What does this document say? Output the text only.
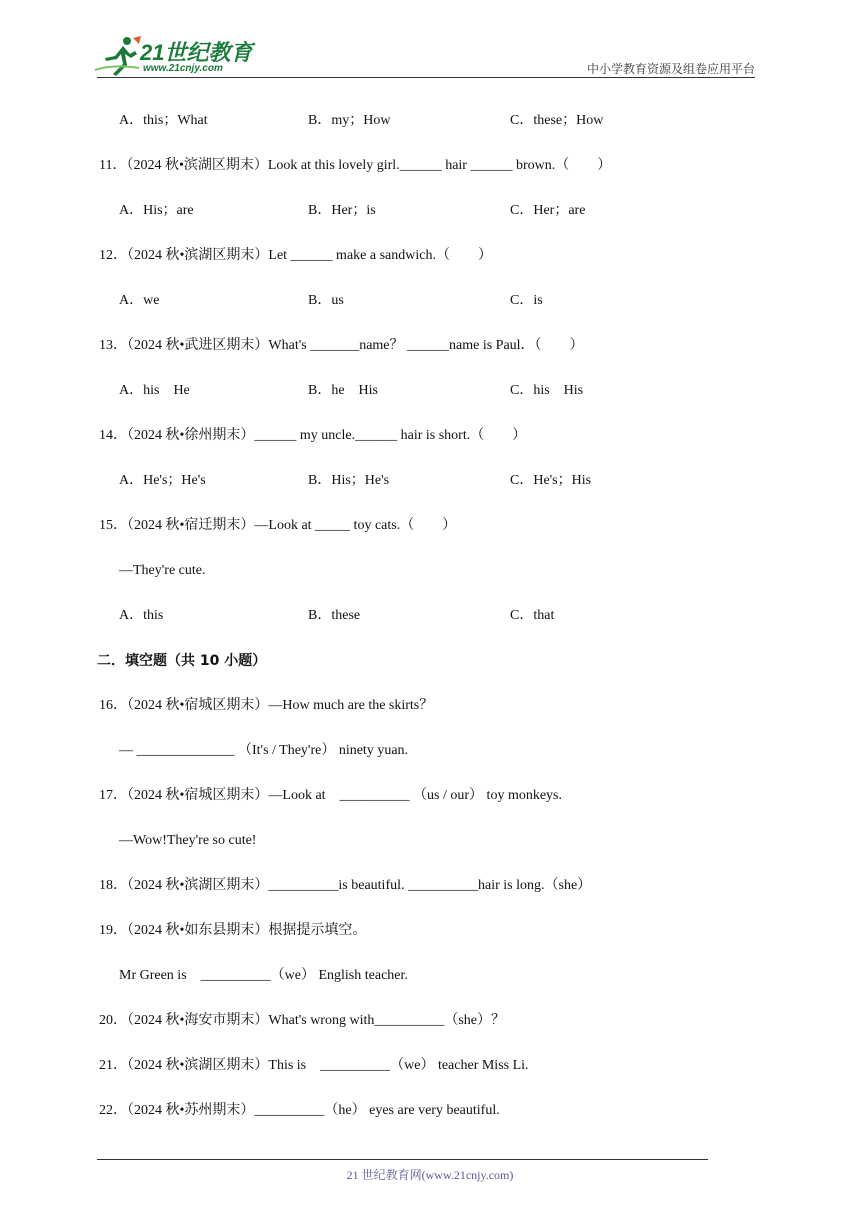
21世纪教育
www.21cnjy.com	中小学教育资源及组卷应用平台
A．this；What	B．my；How	C．these；How
11．（2024 秋•滨湖区期末）Look at this lovely girl.______ hair ______ brown.（　　）
A．His；are	B．Her；is	C．Her；are
12．（2024 秋•滨湖区期末）Let ______ make a sandwich.（　　）
A．we	B．us	C．is
13．（2024 秋•武进区期末）What's _______name？ ______name is Paul．（　　）
A．his　He	B．he　His	C．his　His
14．（2024 秋•徐州期末）______ my uncle.______ hair is short.（　　）
A．He's；He's	B．His；He's	C．He's；His
15．（2024 秋•宿迁期末）—Look at _____ toy cats.（　　）
—They're cute.
A．this	B．these	C．that
二．填空题（共 10 小题）
16．（2024 秋•宿城区期末）—How much are the skirts？
— ______________ （It's / They're） ninety yuan.
17．（2024 秋•宿城区期末）—Look at　__________ （us / our） toy monkeys.
—Wow!They're so cute!
18．（2024 秋•滨湖区期末）__________is beautiful. __________hair is long.（she）
19．（2024 秋•如东县期末）根据提示填空。
Mr Green is　__________（we） English teacher.
20．（2024 秋•海安市期末）What's wrong with__________（she）？
21．（2024 秋•滨湖区期末）This is　__________（we） teacher Miss Li.
22．（2024 秋•苏州期末）__________（he） eyes are very beautiful.
21 世纪教育网(www.21cnjy.com)
